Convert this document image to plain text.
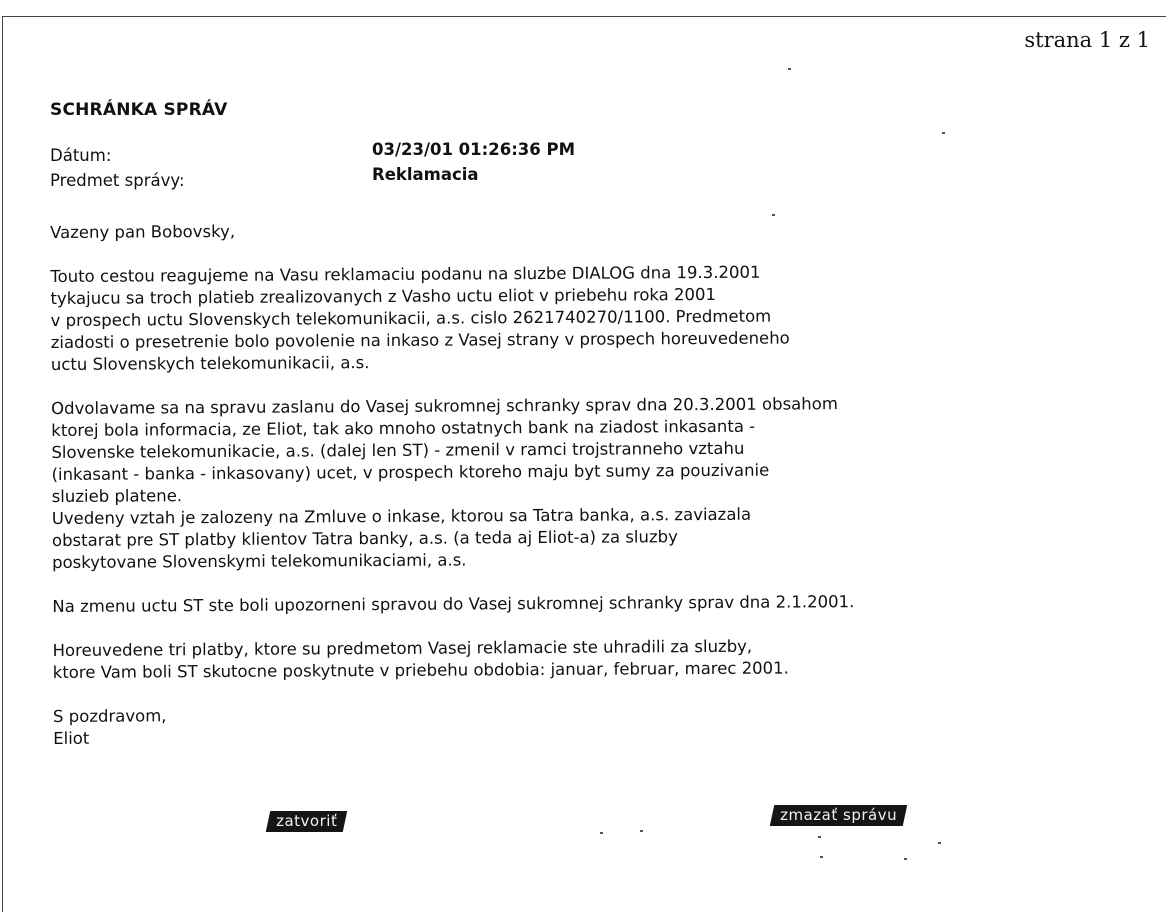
strana 1 z 1
SCHRÁNKA SPRÁV
Dátum:	03/23/01 01:26:36 PM
Predmet správy:	Reklamacia

Vazeny pan Bobovsky,

Touto cestou reagujeme na Vasu reklamaciu podanu na sluzbe DIALOG dna 19.3.2001
tykajucu sa troch platieb zrealizovanych z Vasho uctu eliot v priebehu roka 2001
v prospech uctu Slovenskych telekomunikacii, a.s. cislo 2621740270/1100. Predmetom
ziadosti o presetrenie bolo povolenie na inkaso z Vasej strany v prospech horeuvedeneho
uctu Slovenskych telekomunikacii, a.s.

Odvolavame sa na spravu zaslanu do Vasej sukromnej schranky sprav dna 20.3.2001 obsahom
ktorej bola informacia, ze Eliot, tak ako mnoho ostatnych bank na ziadost inkasanta -
Slovenske telekomunikacie, a.s. (dalej len ST) - zmenil v ramci trojstranneho vztahu
(inkasant - banka - inkasovany) ucet, v prospech ktoreho maju byt sumy za pouzivanie
sluzieb platene.

Uvedeny vztah je zalozeny na Zmluve o inkase, ktorou sa Tatra banka, a.s. zaviazala
obstarat pre ST platby klientov Tatra banky, a.s. (a teda aj Eliot-a) za sluzby
poskytovane Slovenskymi telekomunikaciami, a.s.

Na zmenu uctu ST ste boli upozorneni spravou do Vasej sukromnej schranky sprav dna 2.1.2001.

Horeuvedene tri platby, ktore su predmetom Vasej reklamacie ste uhradili za sluzby,
ktore Vam boli ST skutocne poskytnute v priebehu obdobia: januar, februar, marec 2001.

S pozdravom,
Eliot

zatvoriť	zmazať správu
